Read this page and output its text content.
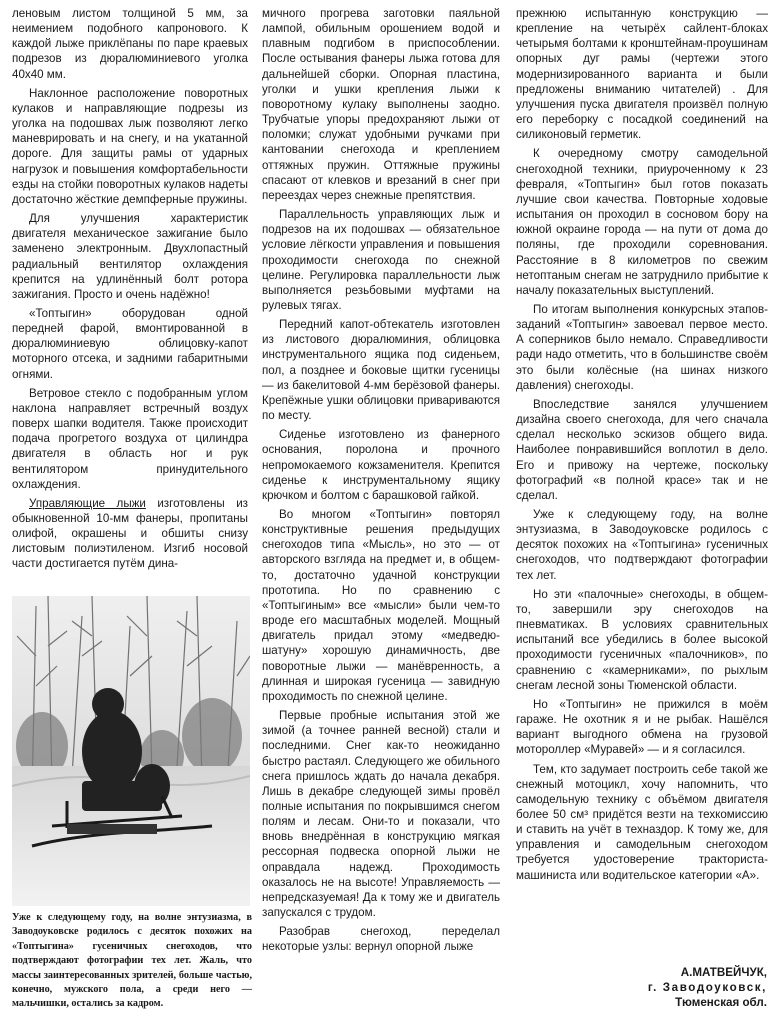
леновым листом толщиной 5 мм, за неимением подобного капронового. К каждой лыже приклёпаны по паре краевых подрезов из дюралюминиевого уголка 40х40 мм.

Наклонное расположение поворотных кулаков и направляющие подрезы из уголка на подошвах лыж позволяют легко маневрировать и на снегу, и на укатанной дороге. Для защиты рамы от ударных нагрузок и повышения комфортабельности езды на стойки поворотных кулаков надеты достаточно жёсткие демпферные пружины.

Для улучшения характеристик двигателя механическое зажигание было заменено электронным. Двухлопастный радиальный вентилятор охлаждения крепится на удлинённый болт ротора зажигания. Просто и очень надёжно!

«Топтыгин» оборудован одной передней фарой, вмонтированной в дюралюминиевую облицовку-капот моторного отсека, и задними габаритными огнями.

Ветровое стекло с подобранным углом наклона направляет встречный воздух поверх шапки водителя. Также происходит подача прогретого воздуха от цилиндра двигателя в область ног и рук вентилятором принудительного охлаждения.

Управляющие лыжи изготовлены из обыкновенной 10-мм фанеры, пропитаны олифой, окрашены и обшиты снизу листовым полиэтиленом. Изгиб носовой части достигается путём дина-

Уже к следующему году, на волне энтузиазма, в Заводоуковске родилось с десяток похожих на «Топтыгина» гусеничных снегоходов, что подтверждают фотографии тех лет. Жаль, что массы заинтересованных зрителей, больше частью, конечно, мужского пола, а среди него — мальчишки, остались за кадром.

мичного прогрева заготовки паяльной лампой, обильным орошением водой и плавным подгибом в приспособлении. После остывания фанеры лыжа готова для дальнейшей сборки. Опорная пластина, уголки и ушки крепления лыжи к поворотному кулаку выполнены заодно. Трубчатые упоры предохраняют лыжи от поломки; служат удобными ручками при кантовании снегохода и креплением оттяжных пружин. Оттяжные пружины спасают от клевков и врезаний в снег при переездах через снежные препятствия.

Параллельность управляющих лыж и подрезов на их подошвах — обязательное условие лёгкости управления и повышения проходимости снегохода по снежной целине. Регулировка параллельности лыж выполняется резьбовыми муфтами на рулевых тягах.

Передний капот-обтекатель изготовлен из листового дюралюминия, облицовка инструментального ящика под сиденьем, пол, а позднее и боковые щитки гусеницы — из бакелитовой 4-мм берёзовой фанеры. Крепёжные ушки облицовки привариваются по месту.

Сиденье изготовлено из фанерного основания, поролона и прочного непромокаемого кожзаменителя. Крепится сиденье к инструментальному ящику крючком и болтом с барашковой гайкой.

Во многом «Топтыгин» повторял конструктивные решения предыдущих снегоходов типа «Мысль», но это — от авторского взгляда на предмет и, в общем-то, достаточно удачной конструкции прототипа. Но по сравнению с «Топтыгиным» все «мысли» были чем-то вроде его масштабных моделей. Мощный двигатель придал этому «медведю-шатуну» хорошую динамичность, две поворотные лыжи — манёвренность, а длинная и широкая гусеница — завидную проходимость по снежной целине.

Первые пробные испытания этой же зимой (а точнее ранней весной) стали и последними. Снег как-то неожиданно быстро растаял. Следующего же обильного снега пришлось ждать до начала декабря. Лишь в декабре следующей зимы провёл полные испытания по покрывшимся снегом полям и лесам. Они-то и показали, что вновь внедрённая в конструкцию мягкая рессорная подвеска опорной лыжи не оправдала надежд. Проходимость оказалось не на высоте! Управляемость — непредсказуемая! Да к тому же и двигатель запускался с трудом.

Разобрав снегоход, переделал некоторые узлы: вернул опорной лыже

прежнюю испытанную конструкцию — крепление на четырёх сайлент-блоках четырьмя болтами к кронштейнам-проушинам опорных дуг рамы (чертежи этого модернизированного варианта и были предложены вниманию читателей) . Для улучшения пуска двигателя произвёл полную его переборку с посадкой соединений на силиконовый герметик.

К очередному смотру самодельной снегоходной техники, приуроченному к 23 февраля, «Топтыгин» был готов показать лучшие свои качества. Повторные ходовые испытания он проходил в сосновом бору на южной окраине города — на пути от дома до поляны, где проходили соревнования. Расстояние в 8 километров по свежим нетоптаным снегам не затруднило прибытие к началу показательных выступлений.

По итогам выполнения конкурсных этапов-заданий «Топтыгин» завоевал первое место. А соперников было немало. Справедливости ради надо отметить, что в большинстве своём это были колёсные (на шинах низкого давления) снегоходы.

Впоследствие занялся улучшением дизайна своего снегохода, для чего сначала сделал несколько эскизов общего вида. Наиболее понравившийся воплотил в дело. Его и привожу на чертеже, поскольку фотографий «в полной красе» так и не сделал.

Уже к следующему году, на волне энтузиазма, в Заводоуковске родилось с десяток похожих на «Топтыгина» гусеничных снегоходов, что подтверждают фотографии тех лет.

Но эти «палочные» снегоходы, в общем-то, завершили эру снегоходов на пневматиках. В условиях сравнительных испытаний все убедились в более высокой проходимости гусеничных «палочников», по сравнению с «камерниками», по рыхлым снегам лесной зоны Тюменской области.

Но «Топтыгин» не прижился в моём гараже. Не охотник я и не рыбак. Нашёлся вариант выгодного обмена на грузовой мотороллер «Муравей» — и я согласился.

Тем, кто задумает построить себе такой же снежный мотоцикл, хочу напомнить, что самодельную технику с объёмом двигателя более 50 см³ придётся везти на техкомиссию и ставить на учёт в техназдор. К тому же, для управления и самодельным снегоходом требуется удостоверение тракториста-машиниста или водительское категории «А».

А.МАТВЕЙЧУК,
г. Заводоуковск,
Тюменская обл.
